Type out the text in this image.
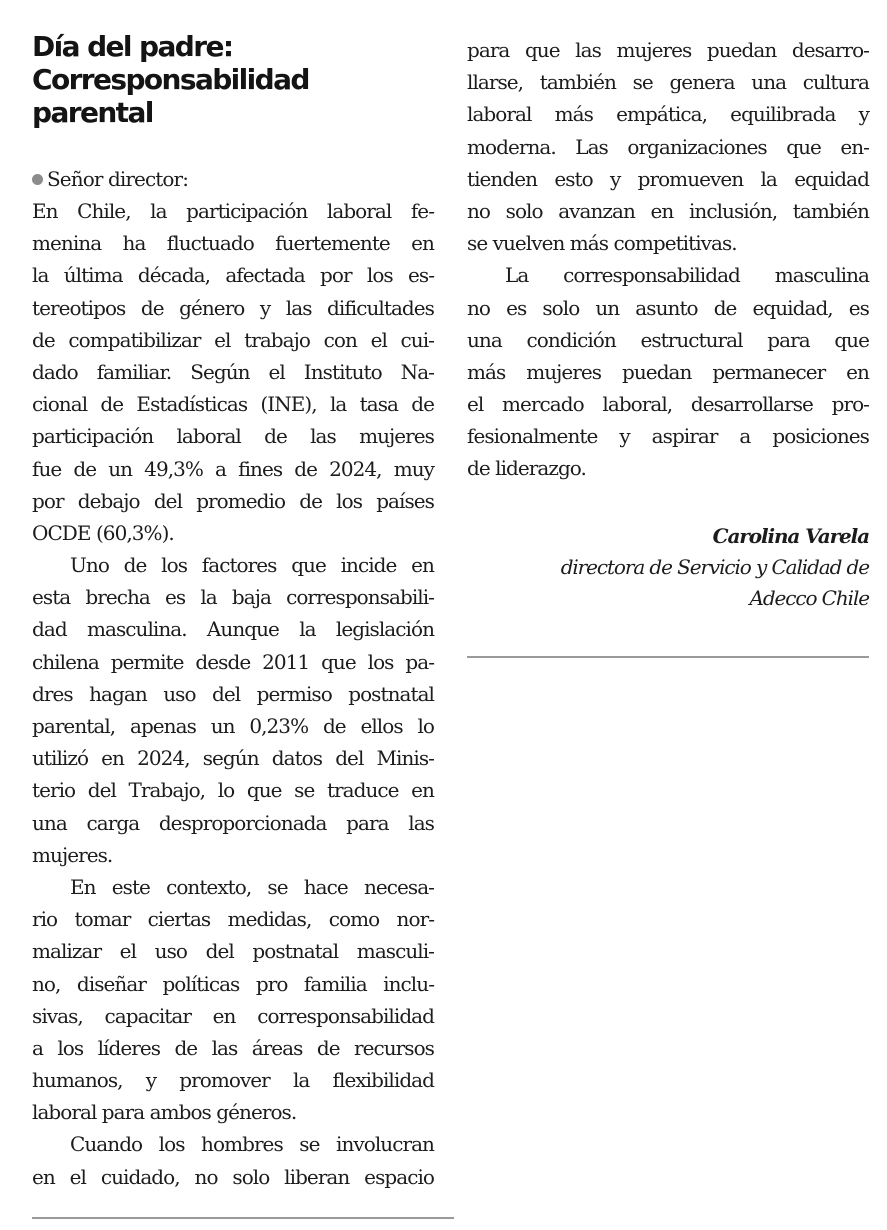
Día del padre:
Corresponsabilidad parental

Señor director:

En Chile, la participación laboral fe-
menina ha fluctuado fuertemente en
la última década, afectada por los es-
tereotipos de género y las dificultades
de compatibilizar el trabajo con el cui-
dado familiar. Según el Instituto Na-
cional de Estadísticas (INE), la tasa de
participación laboral de las mujeres
fue de un 49,3% a fines de 2024, muy
por debajo del promedio de los países
OCDE (60,3%).
Uno de los factores que incide en
esta brecha es la baja corresponsabili-
dad masculina. Aunque la legislación
chilena permite desde 2011 que los pa-
dres hagan uso del permiso postnatal
parental, apenas un 0,23% de ellos lo
utilizó en 2024, según datos del Minis-
terio del Trabajo, lo que se traduce en
una carga desproporcionada para las
mujeres.
En este contexto, se hace necesa-
rio tomar ciertas medidas, como nor-
malizar el uso del postnatal masculi-
no, diseñar políticas pro familia inclu-
sivas, capacitar en corresponsabilidad
a los líderes de las áreas de recursos
humanos, y promover la flexibilidad
laboral para ambos géneros.
Cuando los hombres se involucran
en el cuidado, no solo liberan espacio
para que las mujeres puedan desarro-
llarse, también se genera una cultura
laboral más empática, equilibrada y
moderna. Las organizaciones que en-
tienden esto y promueven la equidad
no solo avanzan en inclusión, también
se vuelven más competitivas.
La corresponsabilidad masculina
no es solo un asunto de equidad, es
una condición estructural para que
más mujeres puedan permanecer en
el mercado laboral, desarrollarse pro-
fesionalmente y aspirar a posiciones
de liderazgo.
Carolina Varela
directora de Servicio y Calidad de
Adecco Chile
